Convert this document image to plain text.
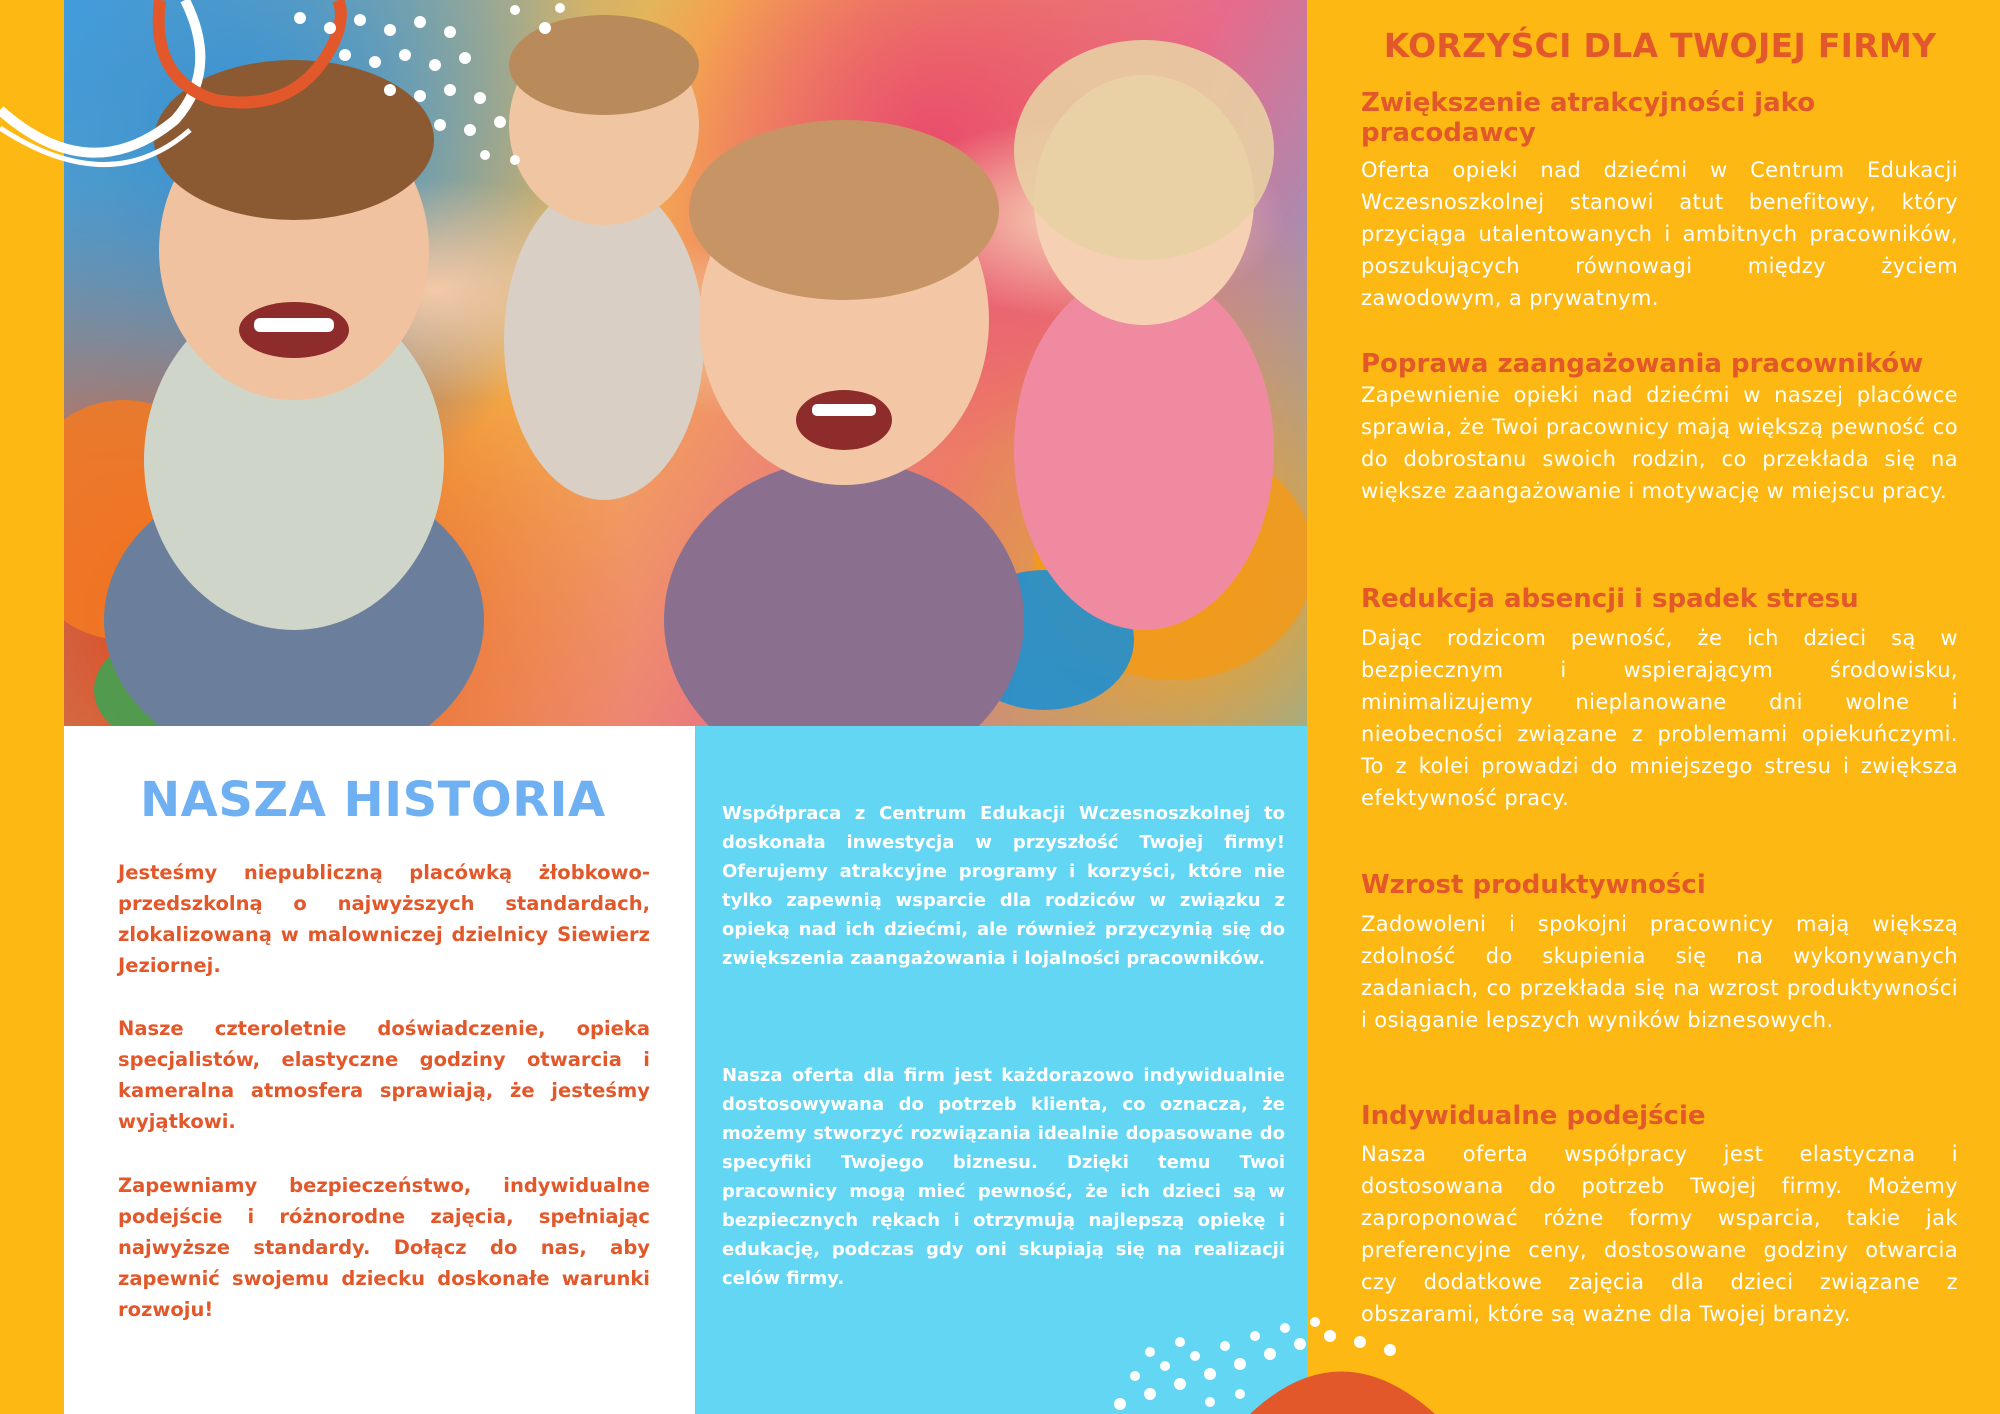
NASZA HISTORIA

Jesteśmy niepubliczną placówką żłobkowo-przedszkolną o najwyższych standardach, zlokalizowaną w malowniczej dzielnicy Siewierz Jeziornej.

Nasze czteroletnie doświadczenie, opieka specjalistów, elastyczne godziny otwarcia i kameralna atmosfera sprawiają, że jesteśmy wyjątkowi.

Zapewniamy bezpieczeństwo, indywidualne podejście i różnorodne zajęcia, spełniając najwyższe standardy. Dołącz do nas, aby zapewnić swojemu dziecku doskonałe warunki rozwoju!

Współpraca z Centrum Edukacji Wczesnoszkolnej to doskonała inwestycja w przyszłość Twojej firmy! Oferujemy atrakcyjne programy i korzyści, które nie tylko zapewnią wsparcie dla rodziców w związku z opieką nad ich dziećmi, ale również przyczynią się do zwiększenia zaangażowania i lojalności pracowników.

Nasza oferta dla firm jest każdorazowo indywidualnie dostosowywana do potrzeb klienta, co oznacza, że możemy stworzyć rozwiązania idealnie dopasowane do specyfiki Twojego biznesu. Dzięki temu Twoi pracownicy mogą mieć pewność, że ich dzieci są w bezpiecznych rękach i otrzymują najlepszą opiekę i edukację, podczas gdy oni skupiają się na realizacji celów firmy.

KORZYŚCI DLA TWOJEJ FIRMY
Zwiększenie atrakcyjności jako pracodawcy

Oferta opieki nad dziećmi w Centrum Edukacji Wczesnoszkolnej stanowi atut benefitowy, który przyciąga utalentowanych i ambitnych pracowników, poszukujących równowagi między życiem zawodowym, a prywatnym.

Poprawa zaangażowania pracowników

Zapewnienie opieki nad dziećmi w naszej placówce sprawia, że Twoi pracownicy mają większą pewność co do dobrostanu swoich rodzin, co przekłada się na większe zaangażowanie i motywację w miejscu pracy.

Redukcja absencji i spadek stresu

Dając rodzicom pewność, że ich dzieci są w bezpiecznym i wspierającym środowisku, minimalizujemy nieplanowane dni wolne i nieobecności związane z problemami opiekuńczymi. To z kolei prowadzi do mniejszego stresu i zwiększa efektywność pracy.

Wzrost produktywności

Zadowoleni i spokojni pracownicy mają większą zdolność do skupienia się na wykonywanych zadaniach, co przekłada się na wzrost produktywności i osiąganie lepszych wyników biznesowych.

Indywidualne podejście

Nasza oferta współpracy jest elastyczna i dostosowana do potrzeb Twojej firmy. Możemy zaproponować różne formy wsparcia, takie jak preferencyjne ceny, dostosowane godziny otwarcia czy dodatkowe zajęcia dla dzieci związane z obszarami, które są ważne dla Twojej branży.
